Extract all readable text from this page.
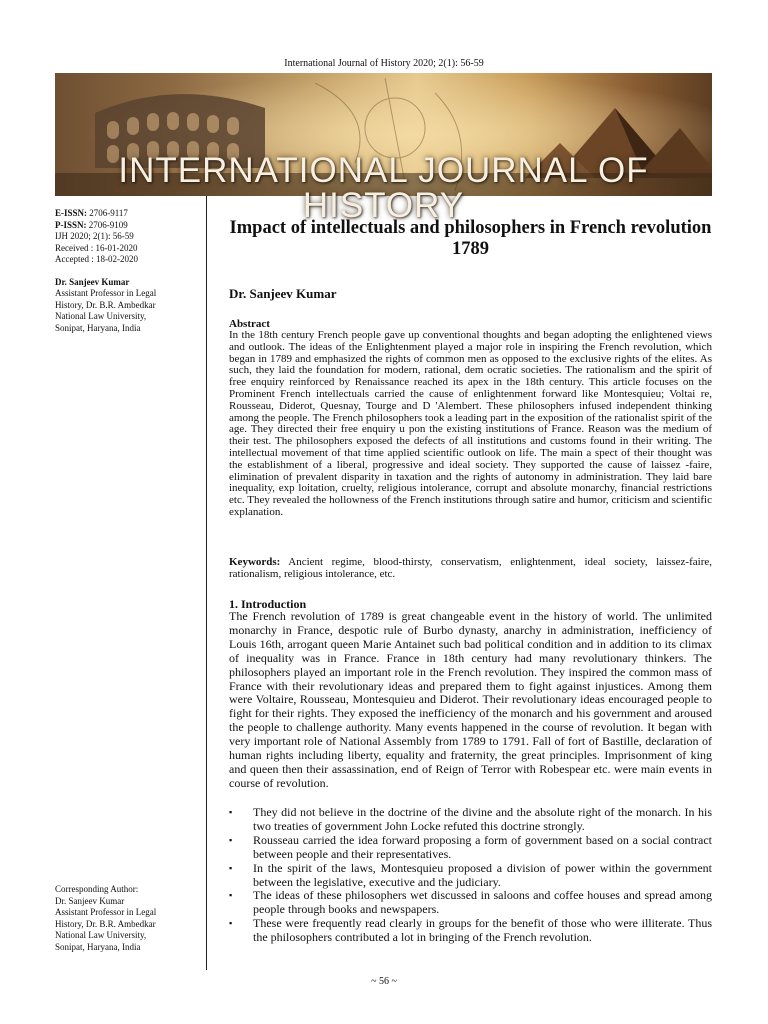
International Journal of History 2020; 2(1): 56-59
INTERNATIONAL JOURNAL OF HISTORY
E-ISSN: 2706-9117
P-ISSN: 2706-9109
IJH 2020; 2(1): 56-59
Received : 16-01-2020
Accepted : 18-02-2020
Dr. Sanjeev Kumar
Assistant Professor in Legal
History, Dr. B.R. Ambedkar
National Law University,
Sonipat, Haryana, India
Corresponding Author:
Dr. Sanjeev Kumar
Assistant Professor in Legal
History, Dr. B.R. Ambedkar
National Law University,
Sonipat, Haryana, India
Impact of intellectuals and philosophers in French revolution 1789

Dr. Sanjeev Kumar

Abstract

In the 18th century French people gave up conventional thoughts and began adopting the enlightened views and outlook. The ideas of the Enlightenment played a major role in inspiring the French revolution, which began in 1789 and emphasized the rights of common men as opposed to the exclusive rights of the elites. As such, they laid the foundation for modern, rational, dem ocratic societies. The rationalism and the spirit of free enquiry reinforced by Renaissance reached its apex in the 18th century. This article focuses on the Prominent French intellectuals carried the cause of enlightenment forward like Montesquieu; Voltai re, Rousseau, Diderot, Quesnay, Tourge and D 'Alembert. These philosophers infused independent thinking among the people. The French philosophers took a leading part in the exposition of the rationalist spirit of the age. They directed their free enquiry u pon the existing institutions of France. Reason was the medium of their test. The philosophers exposed the defects of all institutions and customs found in their writing. The intellectual movement of that time applied scientific outlook on life. The main a spect of their thought was the establishment of a liberal, progressive and ideal society. They supported the cause of laissez -faire, elimination of prevalent disparity in taxation and the rights of autonomy in administration. They laid bare inequality, exp loitation, cruelty, religious intolerance, corrupt and absolute monarchy, financial restrictions etc. They revealed the hollowness of the French institutions through satire and humor, criticism and scientific explanation.

Keywords: Ancient regime, blood-thirsty, conservatism, enlightenment, ideal society, laissez-faire, rationalism, religious intolerance, etc.

1. Introduction

The French revolution of 1789 is great changeable event in the history of world. The unlimited monarchy in France, despotic rule of Burbo dynasty, anarchy in administration, inefficiency of Louis 16th, arrogant queen Marie Antainet such bad political condition and in addition to its climax of inequality was in France. France in 18th century had many revolutionary thinkers. The philosophers played an important role in the French revolution. They inspired the common mass of France with their revolutionary ideas and prepared them to fight against injustices. Among them were Voltaire, Rousseau, Montesquieu and Diderot. Their revolutionary ideas encouraged people to fight for their rights. They exposed the inefficiency of the monarch and his government and aroused the people to challenge authority. Many events happened in the course of revolution. It began with very important role of National Assembly from 1789 to 1791. Fall of fort of Bastille, declaration of human rights including liberty, equality and fraternity, the great principles. Imprisonment of king and queen then their assassination, end of Reign of Terror with Robespear etc. were main events in course of revolution.

▪ They did not believe in the doctrine of the divine and the absolute right of the monarch. In his two treaties of government John Locke refuted this doctrine strongly.
▪ Rousseau carried the idea forward proposing a form of government based on a social contract between people and their representatives.
▪ In the spirit of the laws, Montesquieu proposed a division of power within the government between the legislative, executive and the judiciary.
▪ The ideas of these philosophers wet discussed in saloons and coffee houses and spread among people through books and newspapers.
▪ These were frequently read clearly in groups for the benefit of those who were illiterate. Thus the philosophers contributed a lot in bringing of the French revolution.
~ 56 ~
